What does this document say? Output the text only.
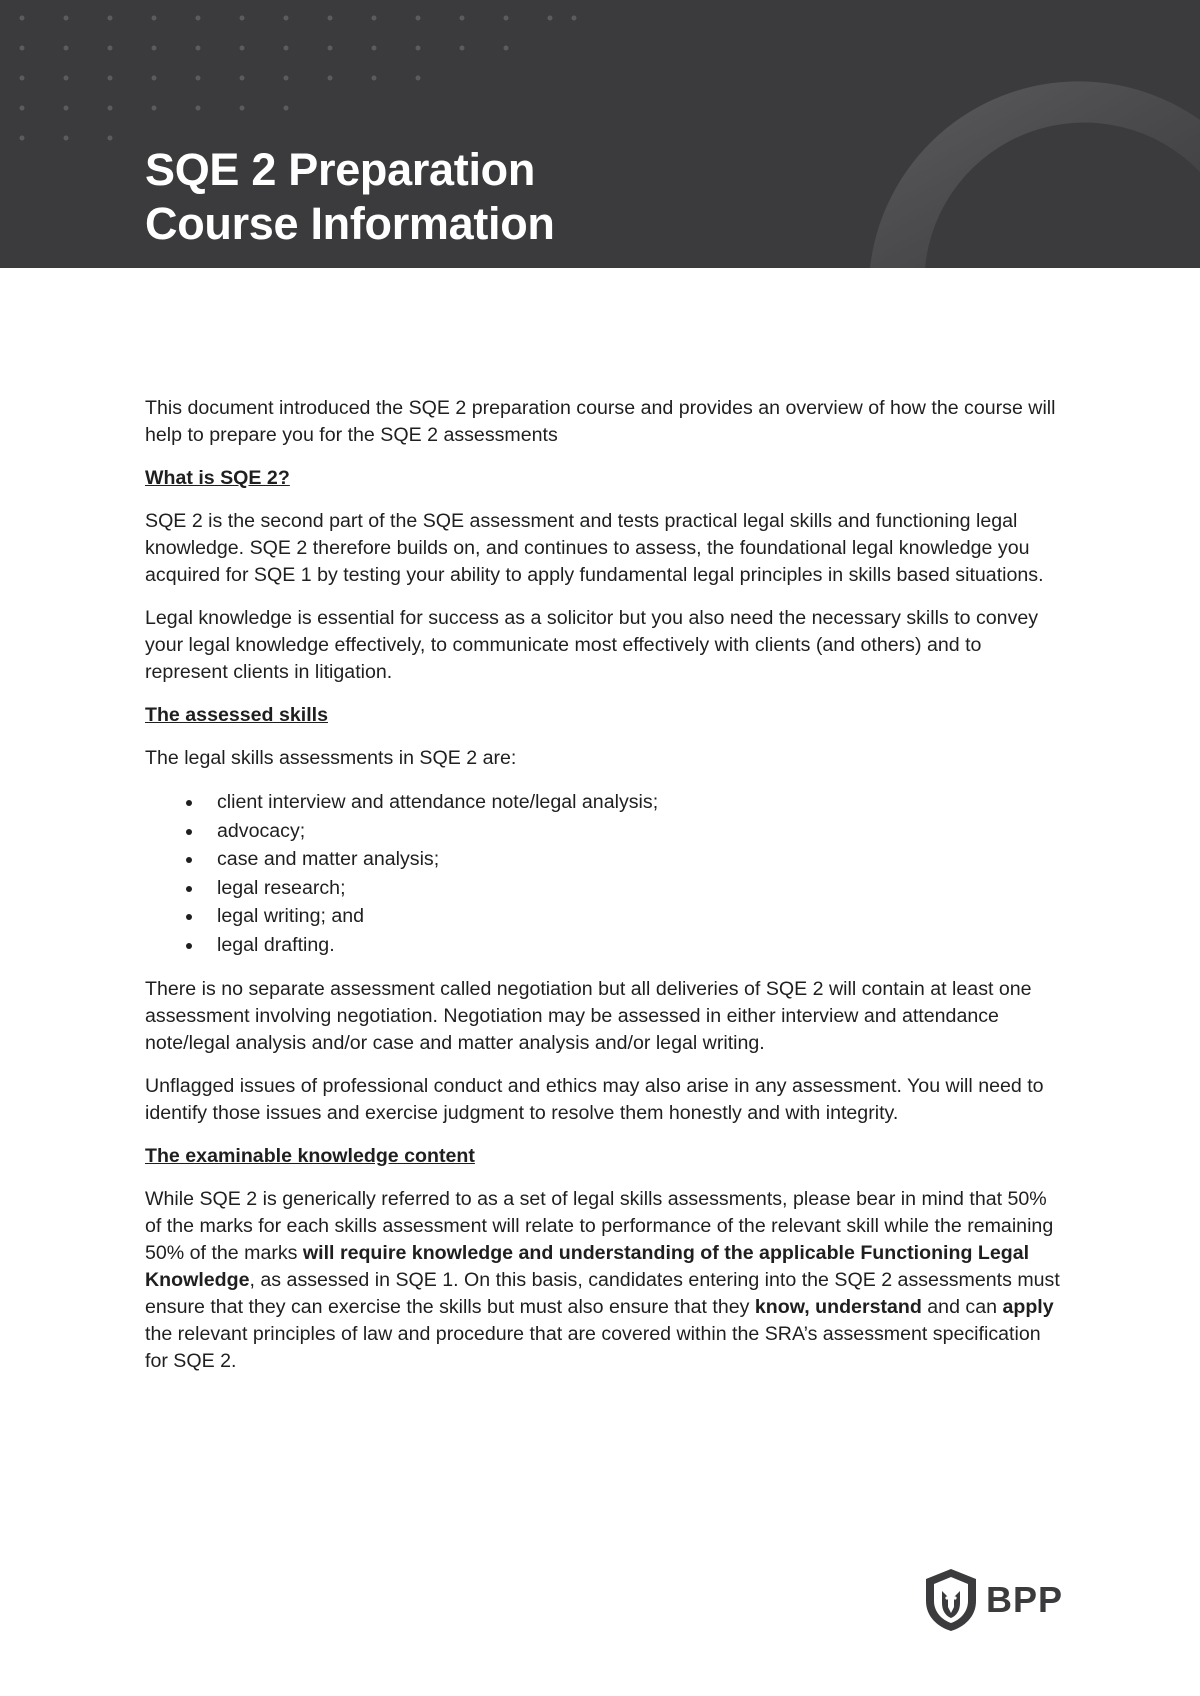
SQE 2 Preparation
Course Information

This document introduced the SQE 2 preparation course and provides an overview of how the course will help to prepare you for the SQE 2 assessments

What is SQE 2?

SQE 2 is the second part of the SQE assessment and tests practical legal skills and functioning legal knowledge. SQE 2 therefore builds on, and continues to assess, the foundational legal knowledge you acquired for SQE 1 by testing your ability to apply fundamental legal principles in skills based situations.

Legal knowledge is essential for success as a solicitor but you also need the necessary skills to convey your legal knowledge effectively, to communicate most effectively with clients (and others) and to represent clients in litigation.

The assessed skills

The legal skills assessments in SQE 2 are:

client interview and attendance note/legal analysis;
advocacy;
case and matter analysis;
legal research;
legal writing; and
legal drafting.

There is no separate assessment called negotiation but all deliveries of SQE 2 will contain at least one assessment involving negotiation. Negotiation may be assessed in either interview and attendance note/legal analysis and/or case and matter analysis and/or legal writing.

Unflagged issues of professional conduct and ethics may also arise in any assessment. You will need to identify those issues and exercise judgment to resolve them honestly and with integrity.

The examinable knowledge content

While SQE 2 is generically referred to as a set of legal skills assessments, please bear in mind that 50% of the marks for each skills assessment will relate to performance of the relevant skill while the remaining 50% of the marks will require knowledge and understanding of the applicable Functioning Legal Knowledge, as assessed in SQE 1. On this basis, candidates entering into the SQE 2 assessments must ensure that they can exercise the skills but must also ensure that they know, understand and can apply the relevant principles of law and procedure that are covered within the SRA’s assessment specification for SQE 2.

BPP
